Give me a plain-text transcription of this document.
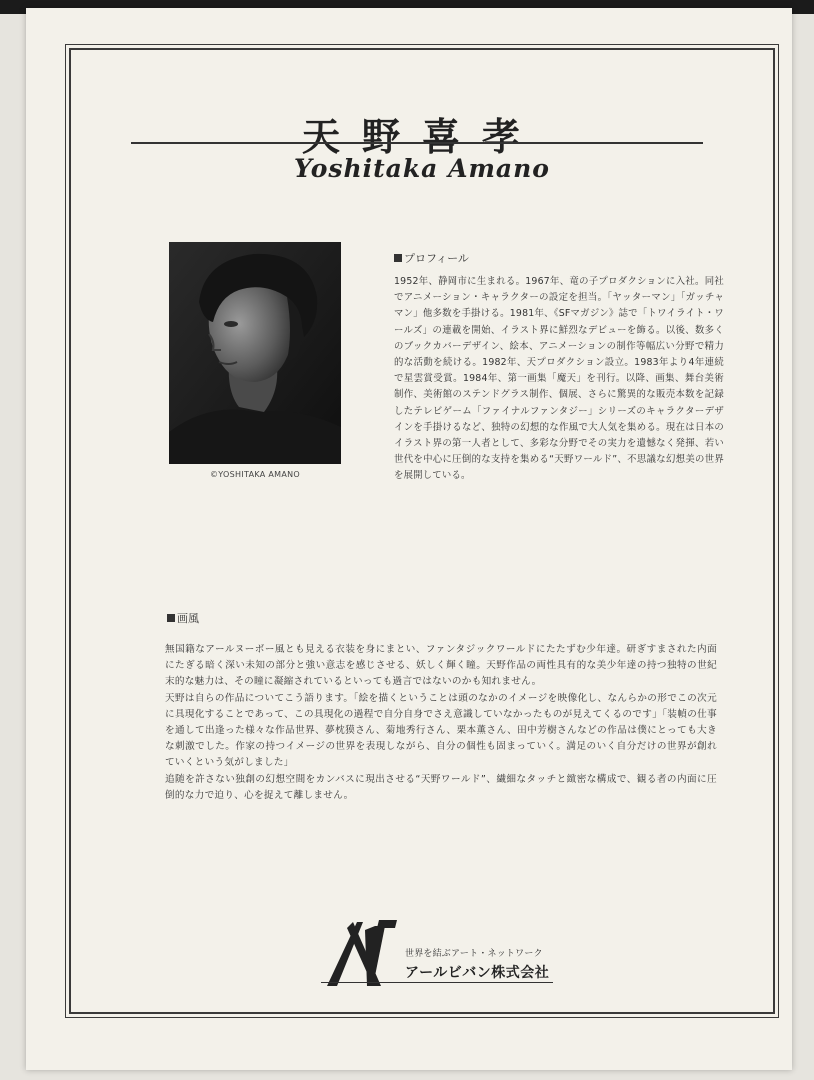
天野喜孝
Yoshitaka Amano
©YOSHITAKA AMANO
プロフィール
1952年、静岡市に生まれる。1967年、竜の子プロダクションに入社。同社でアニメーション・キャラクターの設定を担当。「ヤッターマン」「ガッチャマン」他多数を手掛ける。1981年、《SFマガジン》誌で「トワイライト・ワールズ」の連載を開始、イラスト界に鮮烈なデビューを飾る。以後、数多くのブックカバーデザイン、絵本、アニメーションの制作等幅広い分野で精力的な活動を続ける。1982年、天プロダクション設立。1983年より4年連続で星雲賞受賞。1984年、第一画集「魔天」を刊行。以降、画集、舞台美術制作、美術館のステンドグラス制作、個展、さらに驚異的な販売本数を記録したテレビゲーム「ファイナルファンタジー」シリーズのキャラクターデザインを手掛けるなど、独特の幻想的な作風で大人気を集める。現在は日本のイラスト界の第一人者として、多彩な分野でその実力を遺憾なく発揮、若い世代を中心に圧倒的な支持を集める“天野ワールド”、不思議な幻想美の世界を展開している。
画風

無国籍なアールヌーボー風とも見える衣装を身にまとい、ファンタジックワールドにたたずむ少年達。研ぎすまされた内面にたぎる暗く深い未知の部分と強い意志を感じさせる、妖しく輝く瞳。天野作品の両性具有的な美少年達の持つ独特の世紀末的な魅力は、その瞳に凝縮されているといっても過言ではないのかも知れません。

天野は自らの作品についてこう語ります。「絵を描くということは頭のなかのイメージを映像化し、なんらかの形でこの次元に具現化することであって、この具現化の過程で自分自身でさえ意識していなかったものが見えてくるのです」「装幀の仕事を通して出逢った様々な作品世界、夢枕獏さん、菊地秀行さん、栗本薫さん、田中芳樹さんなどの作品は僕にとっても大きな刺激でした。作家の持つイメージの世界を表現しながら、自分の個性も固まっていく。満足のいく自分だけの世界が創れていくという気がしました」

追随を許さない独創の幻想空間をカンバスに現出させる“天野ワールド”、繊細なタッチと緻密な構成で、観る者の内面に圧倒的な力で迫り、心を捉えて離しません。

世界を結ぶアート・ネットワーク
アールビバン株式会社
